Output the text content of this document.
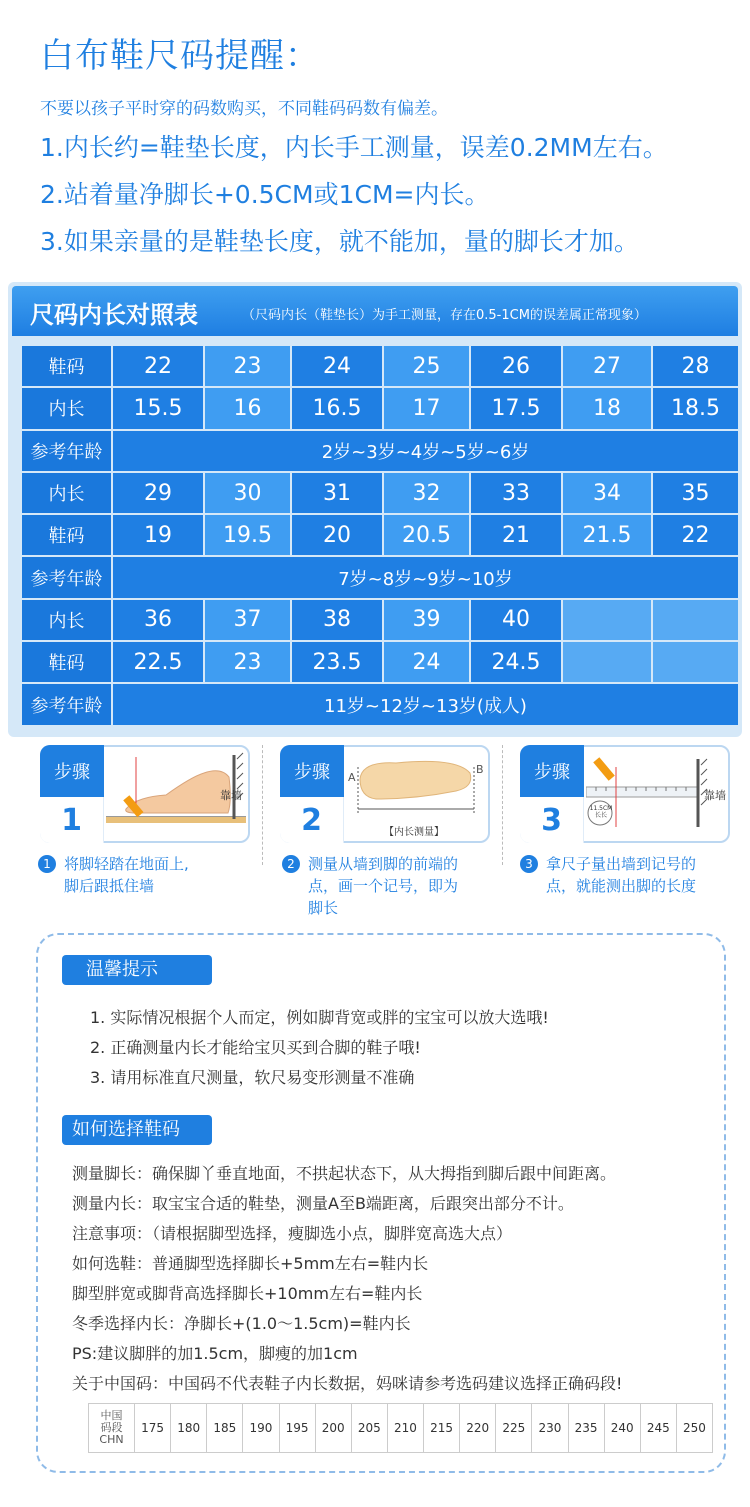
白布鞋尺码提醒：
不要以孩子平时穿的码数购买，不同鞋码码数有偏差。
1.内长约=鞋垫长度，内长手工测量，误差0.2MM左右。
2.站着量净脚长+0.5CM或1CM=内长。
3.如果亲量的是鞋垫长度，就不能加，量的脚长才加。
尺码内长对照表	（尺码内长（鞋垫长）为手工测量，存在0.5-1CM的误差属正常现象）
鞋码	22	23	24	25	26	27	28
内长	15.5	16	16.5	17	17.5	18	18.5
参考年龄	2岁~3岁~4岁~5岁~6岁
内长	29	30	31	32	33	34	35
鞋码	19	19.5	20	20.5	21	21.5	22
参考年龄	7岁~8岁~9岁~10岁
内长	36	37	38	39	40
鞋码	22.5	23	23.5	24	24.5
参考年龄	11岁~12岁~13岁(成人)
步骤
1
靠墙
步骤
2
A
B
【内长测量】
步骤
3	11.5CM 长长
靠墙
1 将脚轻踏在地面上,
脚后跟抵住墙
2 测量从墙到脚的前端的
点，画一个记号，即为
脚长
3 拿尺子量出墙到记号的
点，就能测出脚的长度
温馨提示
1. 实际情况根据个人而定，例如脚背宽或胖的宝宝可以放大选哦!
2. 正确测量内长才能给宝贝买到合脚的鞋子哦!
3. 请用标准直尺测量，软尺易变形测量不准确
如何选择鞋码
测量脚长：确保脚丫垂直地面，不拱起状态下，从大拇指到脚后跟中间距离。
测量内长：取宝宝合适的鞋垫，测量A至B端距离，后跟突出部分不计。
注意事项：（请根据脚型选择，瘦脚选小点，脚胖宽高选大点）
如何选鞋：普通脚型选择脚长+5mm左右=鞋内长
脚型胖宽或脚背高选择脚长+10mm左右=鞋内长
冬季选择内长：净脚长+(1.0～1.5cm)=鞋内长
PS:建议脚胖的加1.5cm，脚瘦的加1cm
关于中国码：中国码不代表鞋子内长数据，妈咪请参考选码建议选择正确码段!
中国
码段
CHN
175	180	185	190	195	200	205	210	215	220	225	230	235	240	245	250
